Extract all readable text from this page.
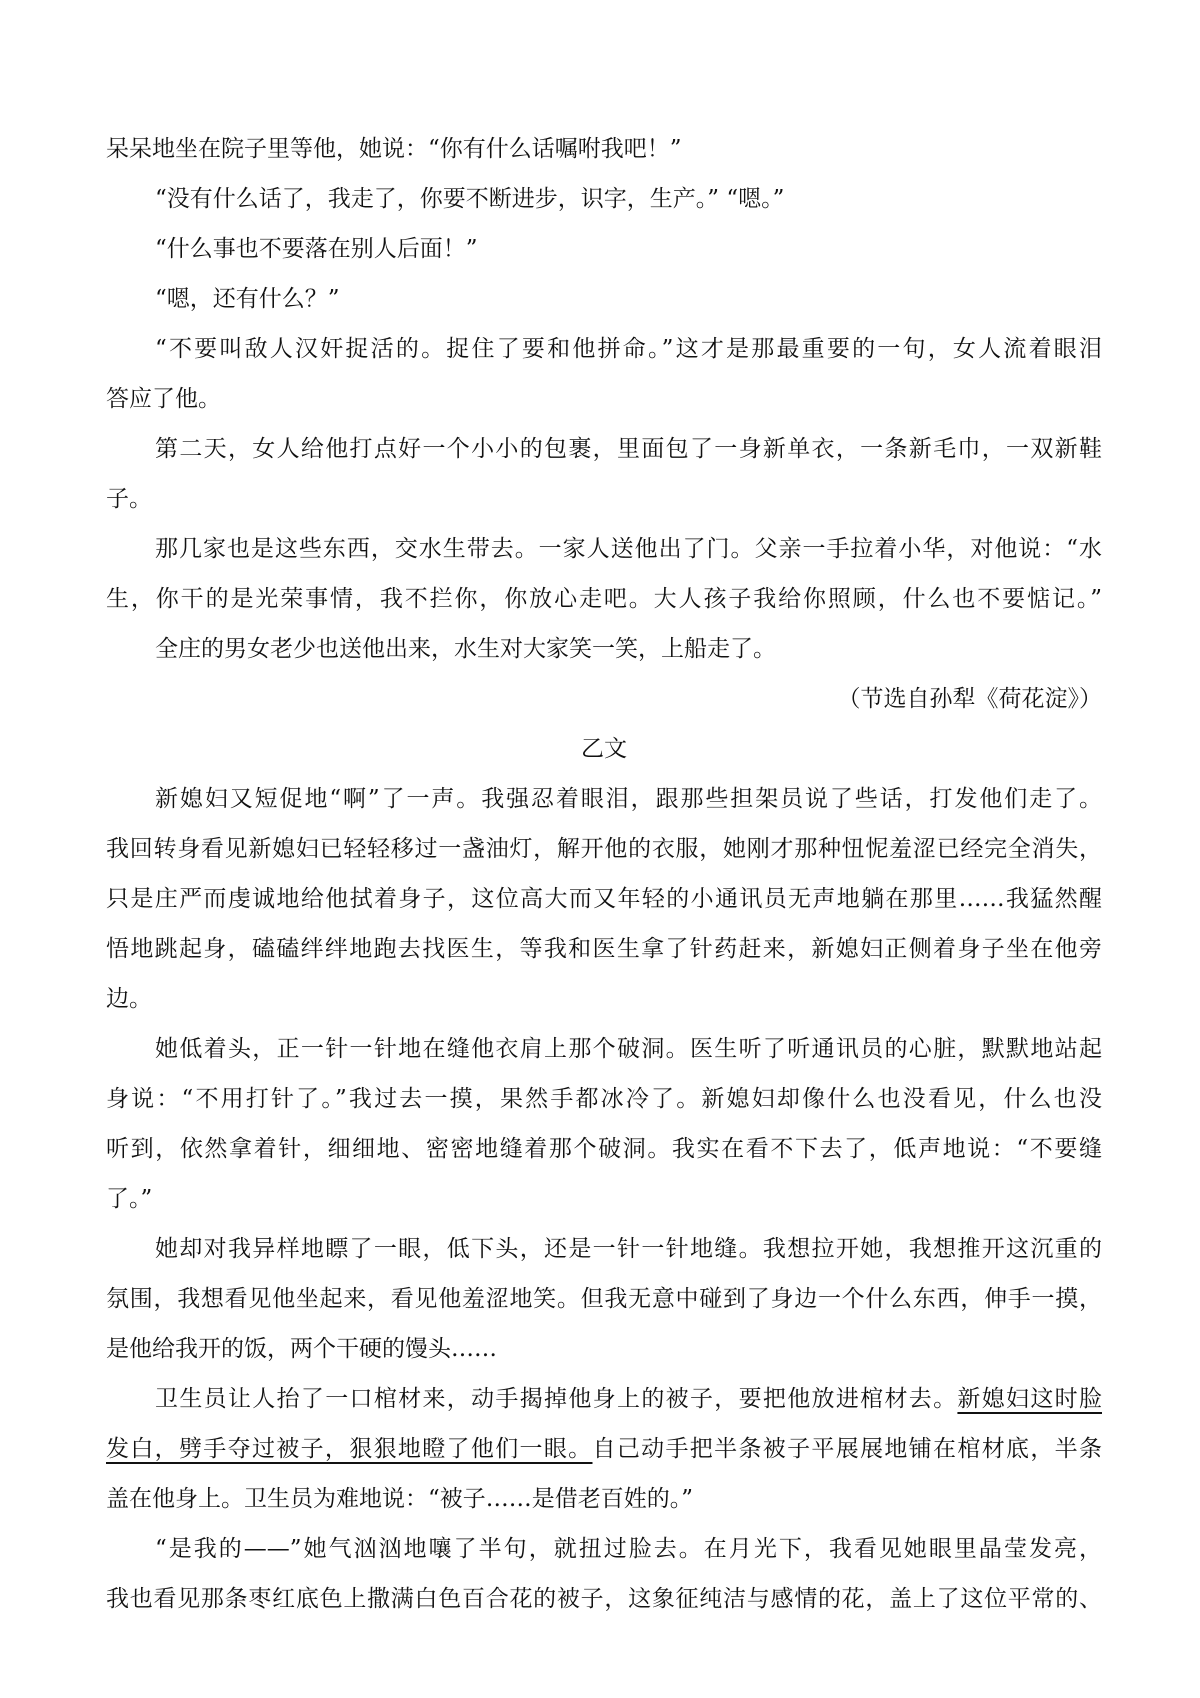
呆呆地坐在院子里等他，她说：“你有什么话嘱咐我吧！”
“没有什么话了，我走了，你要不断进步，识字，生产。” “嗯。”
“什么事也不要落在别人后面！”
“嗯，还有什么？”
“不要叫敌人汉奸捉活的。捉住了要和他拼命。”这才是那最重要的一句，女人流着眼泪
答应了他。
第二天，女人给他打点好一个小小的包裹，里面包了一身新单衣，一条新毛巾，一双新鞋
子。
那几家也是这些东西，交水生带去。一家人送他出了门。父亲一手拉着小华，对他说：“水
生，你干的是光荣事情，我不拦你，你放心走吧。大人孩子我给你照顾，什么也不要惦记。”
全庄的男女老少也送他出来，水生对大家笑一笑，上船走了。
（节选自孙犁《荷花淀》）
乙文
新媳妇又短促地“啊”了一声。我强忍着眼泪，跟那些担架员说了些话，打发他们走了。
我回转身看见新媳妇已轻轻移过一盏油灯，解开他的衣服，她刚才那种忸怩羞涩已经完全消失，
只是庄严而虔诚地给他拭着身子，这位高大而又年轻的小通讯员无声地躺在那里……我猛然醒
悟地跳起身，磕磕绊绊地跑去找医生，等我和医生拿了针药赶来，新媳妇正侧着身子坐在他旁
边。
她低着头，正一针一针地在缝他衣肩上那个破洞。医生听了听通讯员的心脏，默默地站起
身说：“不用打针了。”我过去一摸，果然手都冰冷了。新媳妇却像什么也没看见，什么也没
听到，依然拿着针，细细地、密密地缝着那个破洞。我实在看不下去了，低声地说：“不要缝
了。”
她却对我异样地瞟了一眼，低下头，还是一针一针地缝。我想拉开她，我想推开这沉重的
氛围，我想看见他坐起来，看见他羞涩地笑。但我无意中碰到了身边一个什么东西，伸手一摸，
是他给我开的饭，两个干硬的馒头……
卫生员让人抬了一口棺材来，动手揭掉他身上的被子，要把他放进棺材去。新媳妇这时脸
发白，劈手夺过被子，狠狠地瞪了他们一眼。自己动手把半条被子平展展地铺在棺材底，半条
盖在他身上。卫生员为难地说：“被子……是借老百姓的。”
“是我的——”她气汹汹地嚷了半句，就扭过脸去。在月光下，我看见她眼里晶莹发亮，
我也看见那条枣红底色上撒满白色百合花的被子，这象征纯洁与感情的花，盖上了这位平常的、
